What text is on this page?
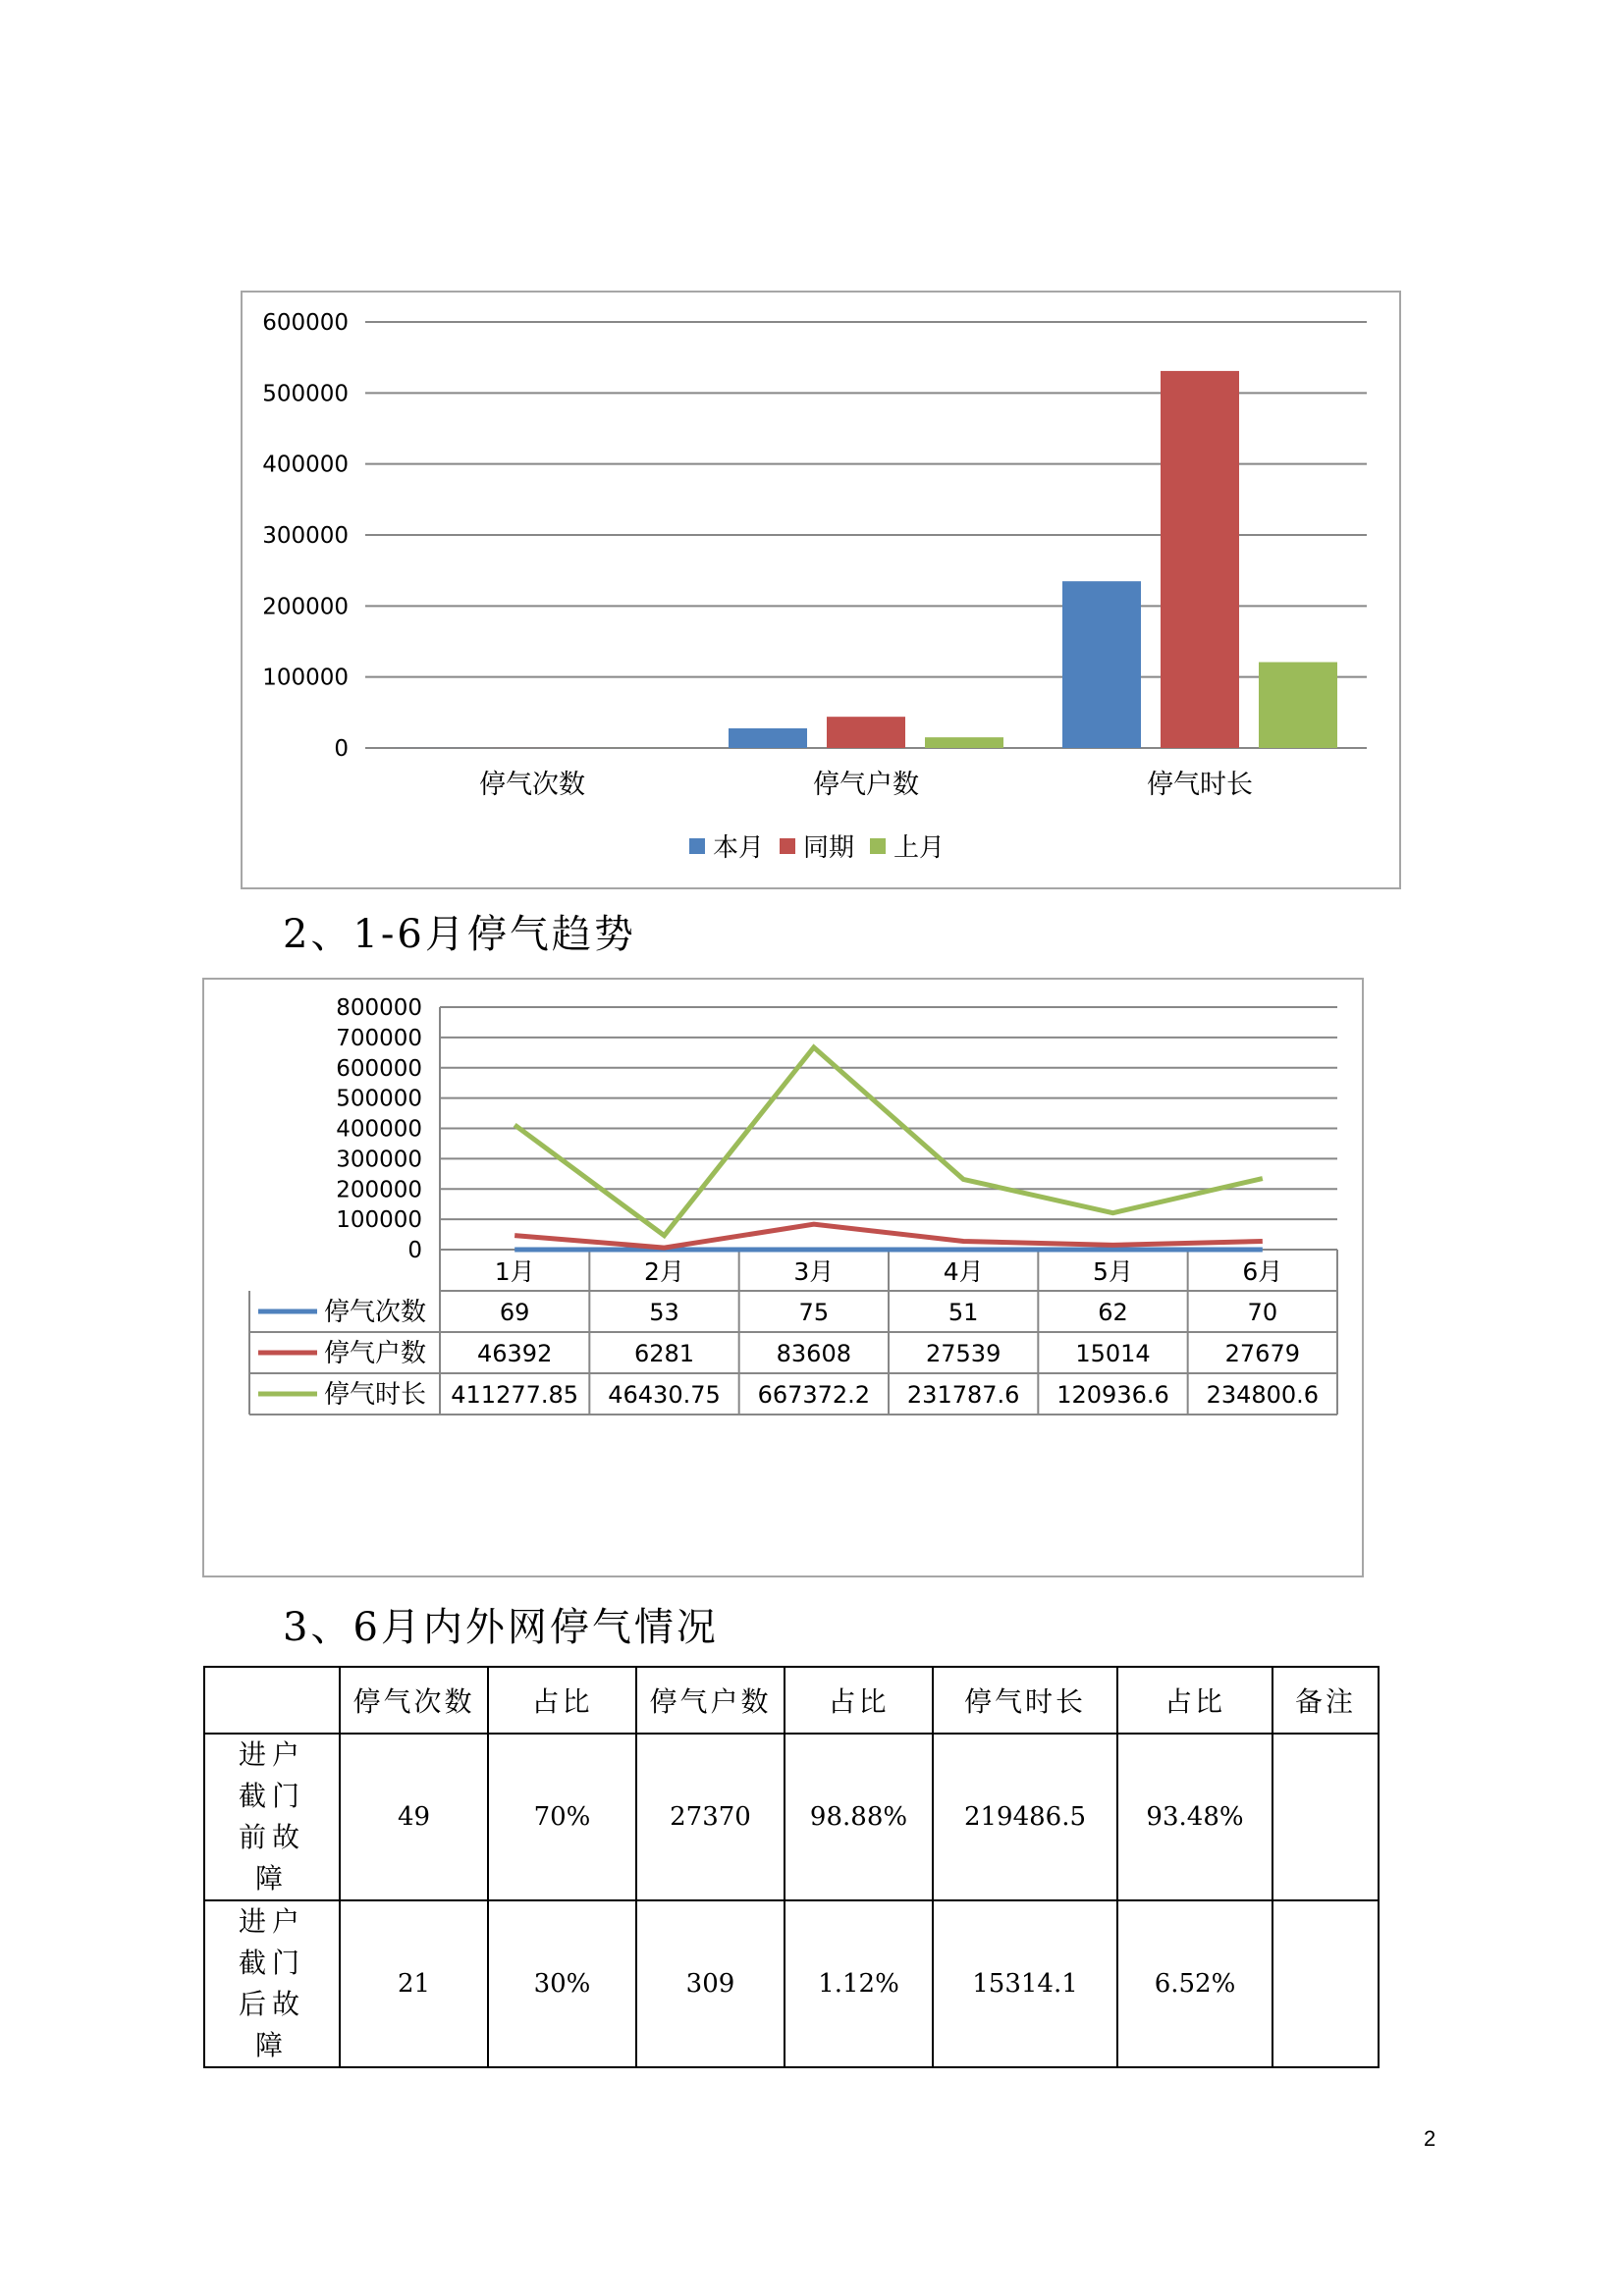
600000
500000
400000
300000
200000
100000
0
停气次数	停气户数	停气时长
本月 同期 上月
2、1-6月停气趋势
800000
700000
600000
500000
400000
300000
200000
100000
0
1月	2月	3月	4月	5月	6月
停气次数	69	53	75	51	62	70
停气户数 46392	6281	83608	27539	15014	27679
停气时长 411277.85 46430.75 667372.2 231787.6 120936.6 234800.6
3、6月内外网停气情况
	停气次数	占比	停气户数	占比	停气时长	占比	备注

进户截门前故障	49	70%	27370	98.88%	219486.5	93.48%	

进户截门后故障	21	30%	309	1.12%	15314.1	6.52%	
2
